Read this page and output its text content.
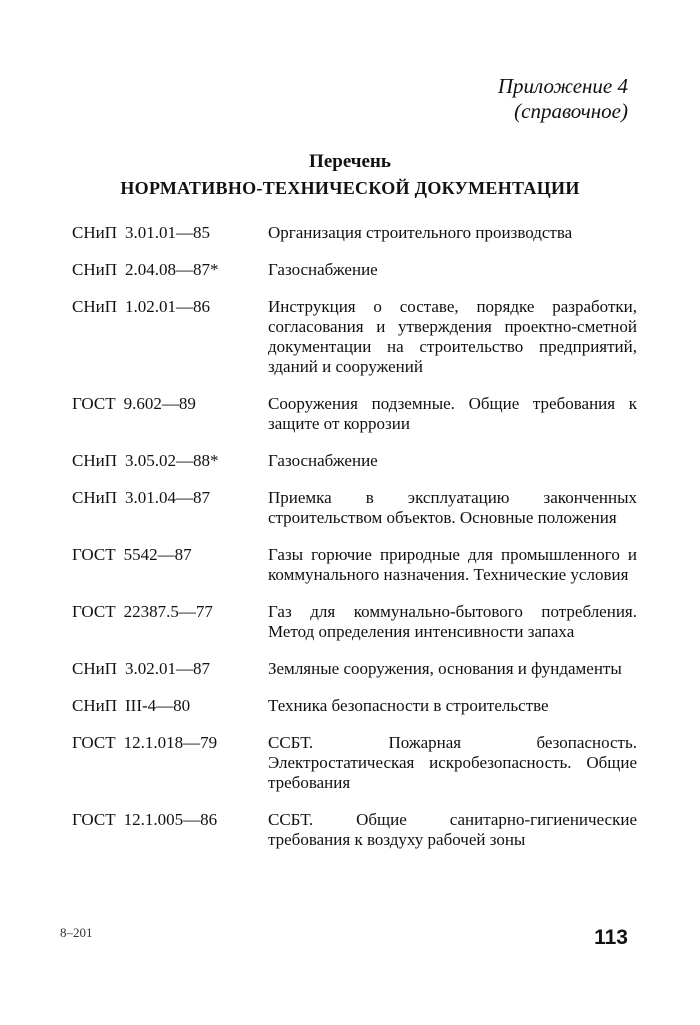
Приложение 4
(справочное)
Перечень
НОРМАТИВНО-ТЕХНИЧЕСКОЙ ДОКУМЕНТАЦИИ
СНиП 3.01.01—85	Организация строительного производства
СНиП 2.04.08—87*	Газоснабжение
СНиП 1.02.01—86	Инструкция о составе, порядке разработки, согласования и утверждения проектно-сметной документации на строительство предприятий, зданий и сооружений
ГОСТ 9.602—89	Сооружения подземные. Общие требования к защите от коррозии
СНиП 3.05.02—88*	Газоснабжение
СНиП 3.01.04—87	Приемка в эксплуатацию законченных строительством объектов. Основные положения
ГОСТ 5542—87	Газы горючие природные для промышленного и коммунального назначения. Технические условия
ГОСТ 22387.5—77	Газ для коммунально-бытового потребления. Метод определения интенсивности запаха
СНиП 3.02.01—87	Земляные сооружения, основания и фундаменты
СНиП III-4—80	Техника безопасности в строительстве
ГОСТ 12.1.018—79	ССБТ. Пожарная безопасность. Электростатическая искробезопасность. Общие требования
ГОСТ 12.1.005—86	ССБТ. Общие санитарно-гигиенические требования к воздуху рабочей зоны
8–201	113
